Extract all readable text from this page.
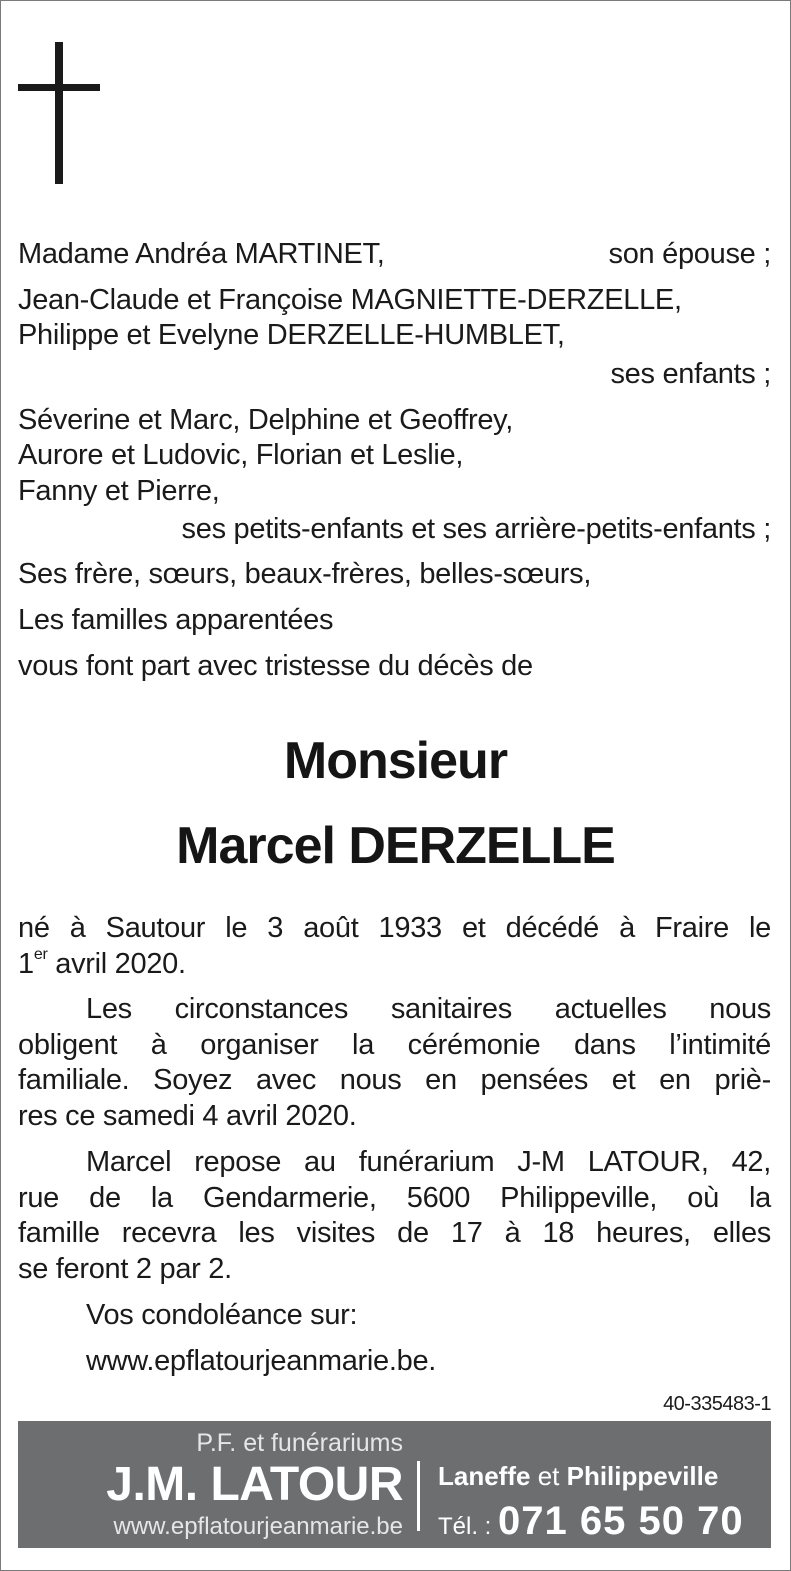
Madame Andréa MARTINET,	son épouse ;
Jean-Claude et Françoise MAGNIETTE-DERZELLE,
Philippe et Evelyne DERZELLE-HUMBLET,
ses enfants ;
Séverine et Marc, Delphine et Geoffrey,
Aurore et Ludovic, Florian et Leslie,
Fanny et Pierre,
ses petits-enfants et ses arrière-petits-enfants ;
Ses frère, sœurs, beaux-frères, belles-sœurs,
Les familles apparentées
vous font part avec tristesse du décès de
Monsieur
Marcel DERZELLE
né à Sautour le 3 août 1933 et décédé à Fraire le
1er avril 2020.
Les circonstances sanitaires actuelles nous
obligent à organiser la cérémonie dans l’intimité
familiale. Soyez avec nous en pensées et en priè-
res ce samedi 4 avril 2020.
Marcel repose au funérarium J-M LATOUR, 42,
rue de la Gendarmerie, 5600 Philippeville, où la
famille recevra les visites de 17 à 18 heures, elles
se feront 2 par 2.
Vos condoléance sur:
www.epflatourjeanmarie.be.
40-335483-1
P.F. et funérariums
J.M. LATOUR
www.epflatourjeanmarie.be
Laneffe et Philippeville
Tél. : 071 65 50 70
